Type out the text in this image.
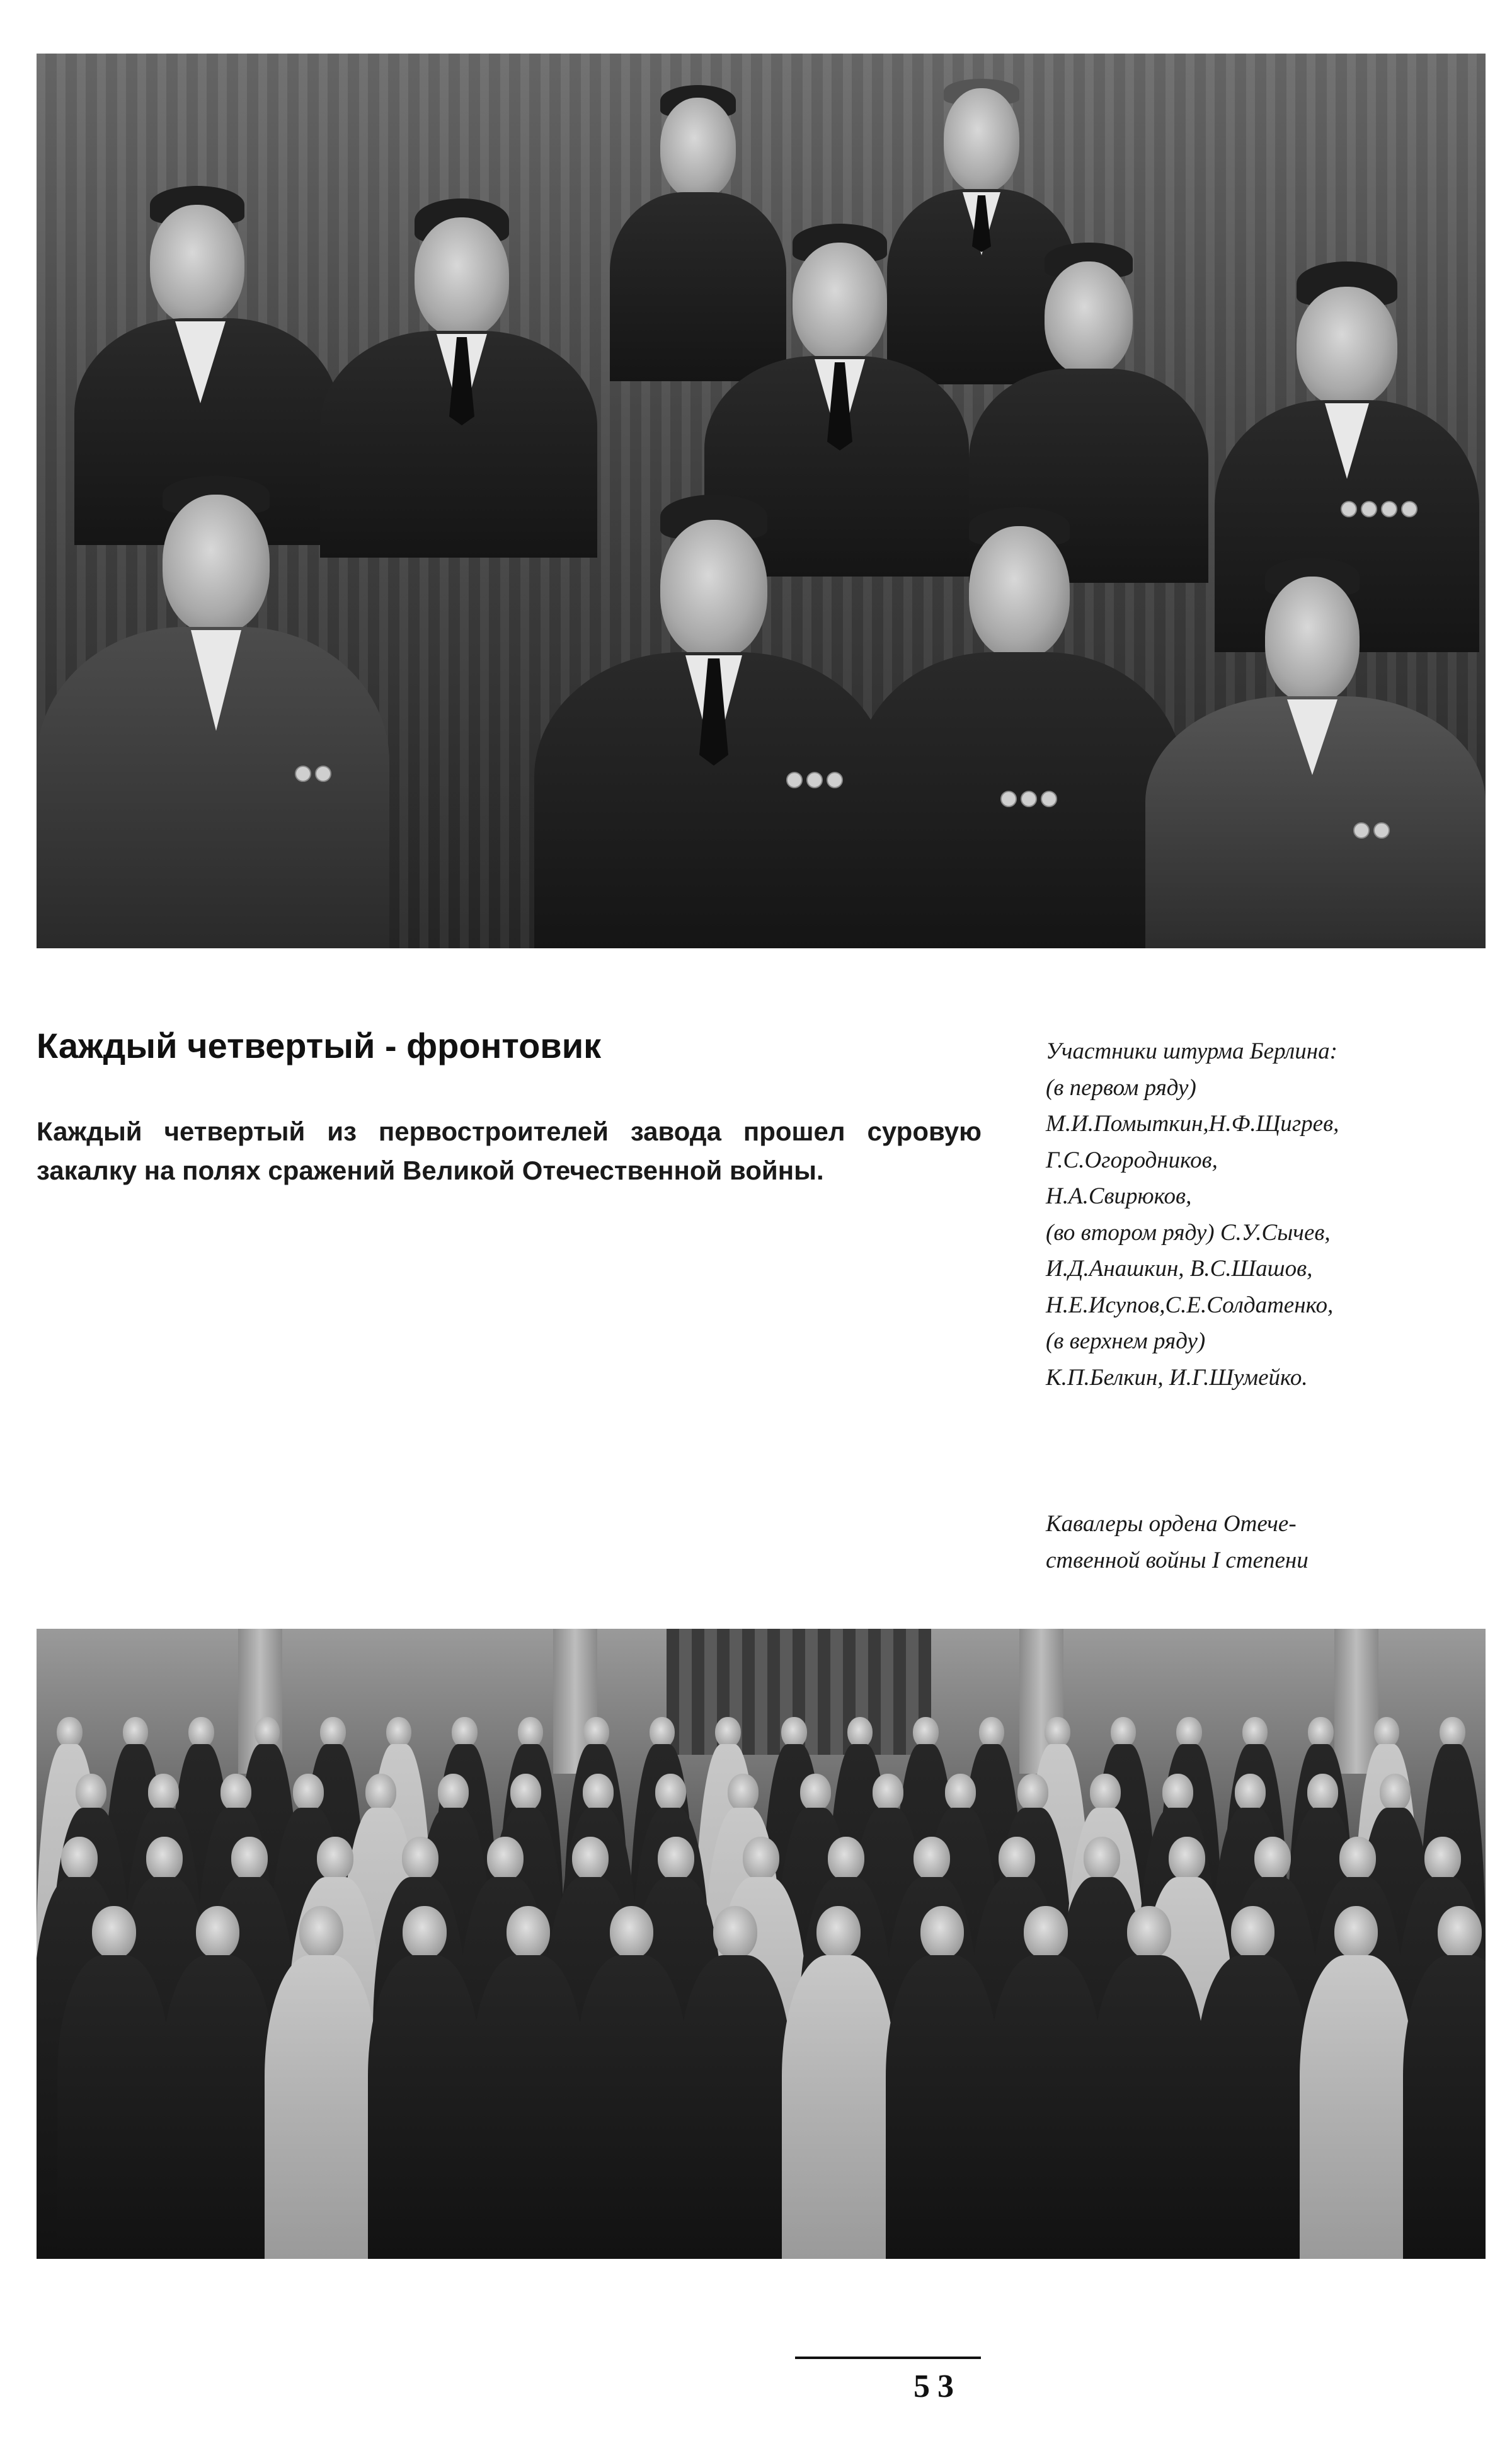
Каждый четвертый - фронтовик

Каждый четвертый из первостроителей завода прошел суровую закалку на полях сражений Великой Отечественной войны.

Участники штурма Берлина:
(в первом ряду)
М.И.Помыткин,Н.Ф.Щигрев,
Г.С.Огородников,
Н.А.Свирюков,
(во втором ряду) С.У.Сычев,
И.Д.Анашкин, В.С.Шашов,
Н.Е.Исупов,С.Е.Солдатенко,
(в верхнем ряду)
К.П.Белкин, И.Г.Шумейко.

Кавалеры ордена Отече-
ственной войны I степени

53
